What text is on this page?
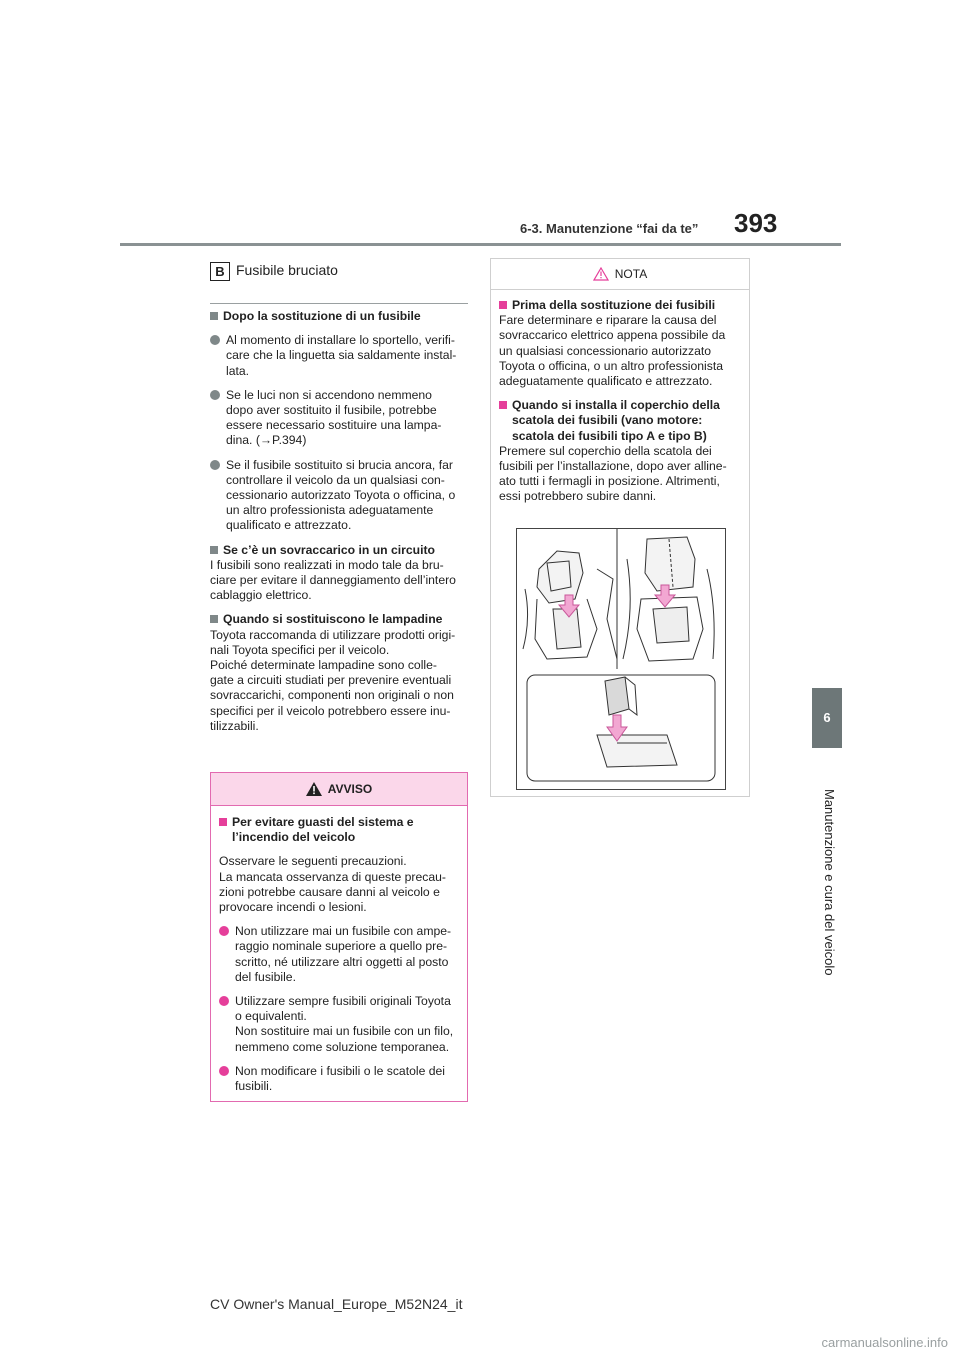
6-3. Manutenzione “fai da te” 393
6
Manutenzione e cura del veicolo
B Fusibile bruciato
Dopo la sostituzione di un fusibile
Al momento di installare lo sportello, verifi-
care che la linguetta sia saldamente instal-
lata.
Se le luci non si accendono nemmeno
dopo aver sostituito il fusibile, potrebbe
essere necessario sostituire una lampa-
dina. (→P.394)
Se il fusibile sostituito si brucia ancora, far
controllare il veicolo da un qualsiasi con-
cessionario autorizzato Toyota o officina, o
un altro professionista adeguatamente
qualificato e attrezzato.
Se c’è un sovraccarico in un circuito
I fusibili sono realizzati in modo tale da bru-
ciare per evitare il danneggiamento dell’intero
cablaggio elettrico.
Quando si sostituiscono le lampadine
Toyota raccomanda di utilizzare prodotti origi-
nali Toyota specifici per il veicolo.
Poiché determinate lampadine sono colle-
gate a circuiti studiati per prevenire eventuali
sovraccarichi, componenti non originali o non
specifici per il veicolo potrebbero essere inu-
tilizzabili.
AVVISO
Per evitare guasti del sistema e
l’incendio del veicolo
Osservare le seguenti precauzioni.
La mancata osservanza di queste precau-
zioni potrebbe causare danni al veicolo e
provocare incendi o lesioni.
Non utilizzare mai un fusibile con ampe-
raggio nominale superiore a quello pre-
scritto, né utilizzare altri oggetti al posto
del fusibile.
Utilizzare sempre fusibili originali Toyota
o equivalenti.
Non sostituire mai un fusibile con un filo,
nemmeno come soluzione temporanea.
Non modificare i fusibili o le scatole dei
fusibili.
NOTA
Prima della sostituzione dei fusibili
Fare determinare e riparare la causa del
sovraccarico elettrico appena possibile da
un qualsiasi concessionario autorizzato
Toyota o officina, o un altro professionista
adeguatamente qualificato e attrezzato.
Quando si installa il coperchio della
scatola dei fusibili (vano motore:
scatola dei fusibili tipo A e tipo B)
Premere sul coperchio della scatola dei
fusibili per l’installazione, dopo aver alline-
ato tutti i fermagli in posizione. Altrimenti,
essi potrebbero subire danni.
CV Owner's Manual_Europe_M52N24_it
carmanualsonline.info
